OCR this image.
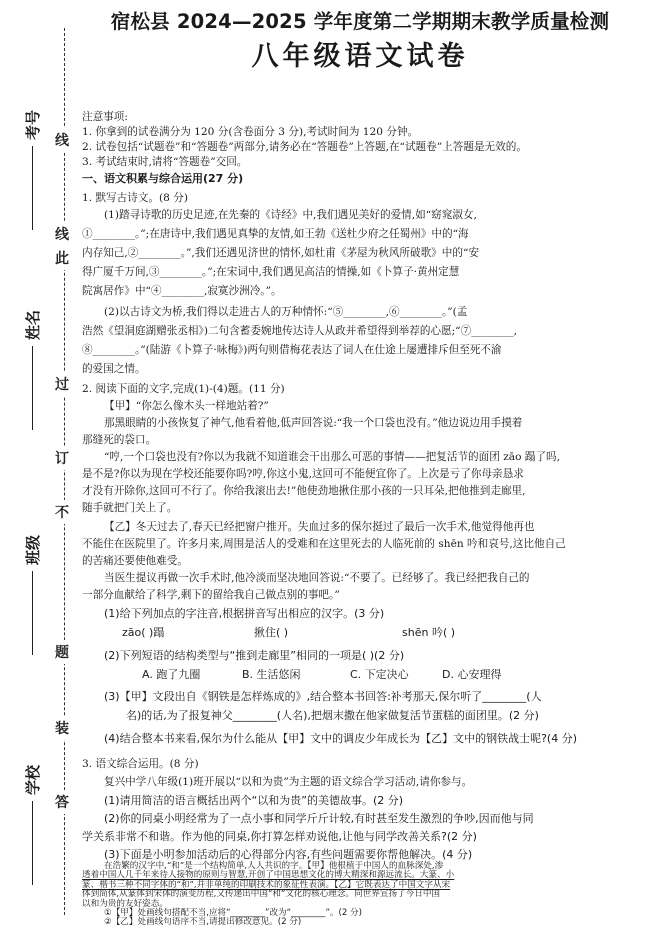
考号
姓名
班级
学校
线
线
此
过
订
不
题
装
答
宿松县 2024—2025 学年度第二学期期末教学质量检测
八年级语文试卷
注意事项:
1. 你拿到的试卷满分为 120 分(含卷面分 3 分),考试时间为 120 分钟。
2. 试卷包括“试题卷”和“答题卷”两部分,请务必在“答题卷”上答题,在“试题卷”上答题是无效的。
3. 考试结束时,请将“答题卷”交回。
一、语文积累与综合运用(27 分)
1. 默写古诗文。(8 分)
(1)踏寻诗歌的历史足迹,在先秦的《诗经》中,我们遇见美好的爱情,如“窈窕淑女,
①________。”;在唐诗中,我们遇见真挚的友情,如王勃《送杜少府之任蜀州》中的“海
内存知己,②________。”,我们还遇见济世的情怀,如杜甫《茅屋为秋风所破歌》中的“安
得广厦千万间,③________。”;在宋词中,我们遇见高洁的情操,如《卜算子·黄州定慧
院寓居作》中“④________,寂寞沙洲冷。”。
(2)以古诗文为桥,我们得以走进古人的万种情怀:“⑤________,⑥________。”(孟
浩然《望洞庭湖赠张丞相》)二句含蓄委婉地传达诗人从政并希望得到举荐的心愿;“⑦________,
⑧________。”(陆游《卜算子·咏梅》)两句则借梅花表达了词人在仕途上屡遭排斥但至死不渝
的爱国之情。
2. 阅读下面的文字,完成(1)-(4)题。(11 分)
【甲】“你怎么像木头一样地站着?”
那黑眼睛的小孩恢复了神气,他看着他,低声回答说:“我一个口袋也没有。”他边说边用手摸着
那缝死的袋口。
“哼,一个口袋也没有?你以为我就不知道谁会干出那么可恶的事情——把复活节的面团 zāo 蹋了吗,
是不是?你以为现在学校还能要你吗?哼,你这小鬼,这回可不能便宜你了。上次是亏了你母亲恳求
才没有开除你,这回可不行了。你给我滚出去!”他使劲地揪住那小孩的一只耳朵,把他推到走廊里,
随手就把门关上了。
【乙】冬天过去了,春天已经把窗户推开。失血过多的保尔挺过了最后一次手术,他觉得他再也
不能住在医院里了。许多月来,周围是活人的受难和在这里死去的人临死前的 shēn 吟和哀号,这比他自己
的苦痛还要使他难受。
当医生提议再做一次手术时,他冷淡而坚决地回答说:“不要了。已经够了。我已经把我自己的
一部分血献给了科学,剩下的留给我自己做点别的事吧。”
(1)给下列加点的字注音,根据拼音写出相应的汉字。(3 分)
zāo( )蹋	揪住( )	shēn 吟( )
(2)下列短语的结构类型与“推到走廊里”相同的一项是( )(2 分)
A. 跑了九圈	B. 生活悠闲	C. 下定决心	D. 心安理得
(3)【甲】文段出自《钢铁是怎样炼成的》,结合整本书回答:补考那天,保尔听了________(人
名)的话,为了报复神父________(人名),把烟末撒在他家做复活节蛋糕的面团里。(2 分)
(4)结合整本书来看,保尔为什么能从【甲】文中的调皮少年成长为【乙】文中的钢铁战士呢?(4 分)
3. 语文综合运用。(8 分)
复兴中学八年级(1)班开展以“以和为贵”为主题的语文综合学习活动,请你参与。
(1)请用简洁的语言概括出两个“以和为贵”的美德故事。(2 分)
(2)你的同桌小明经常为了一点小事和同学斤斤计较,有时甚至发生激烈的争吵,因而他与同
学关系非常不和谐。作为他的同桌,你打算怎样劝说他,让他与同学改善关系?(2 分)
(3)下面是小明参加活动后的心得部分内容,有些问题需要你帮他解决。(4 分)
在浩繁的汉字中,“和”是一个结构简单,人人共识的字。【甲】他根植于中国人的血脉深处,渗
透着中国人几千年来待人接物的原则与智慧,开创了中国思想文化的博大精深和源远流长。大篆、小
篆、楷书三种不同字体的“和”,并非单纯的印刷技术的象征性表演。【乙】它既表达了中国文字从宋
体到简体,从篆体到宋体的演变历程,又传递出中国“和”文化的核心理念。向世界宣扬了今日中国
以和为贵的友好姿态。
①【甲】处画线句搭配不当,应将“________”改为“________”。(2 分)
②【乙】处画线句语序不当,请提出修改意见。(2 分)
